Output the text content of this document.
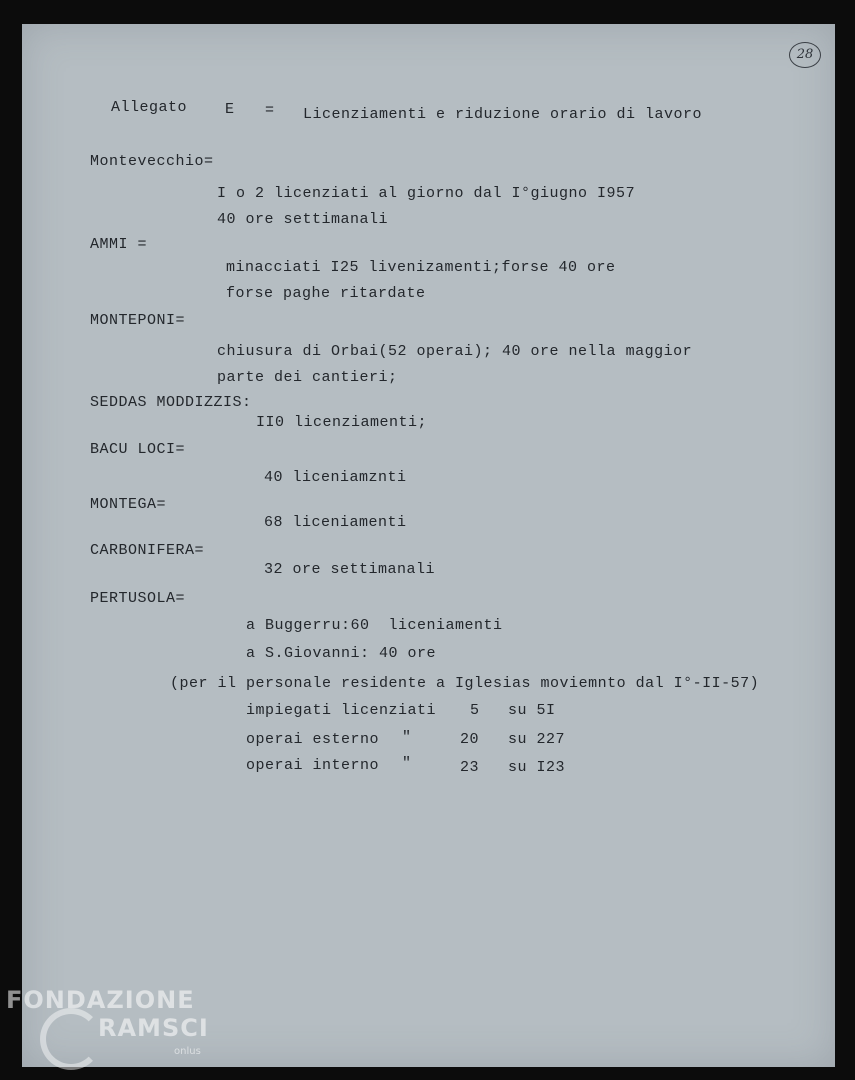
28
Allegato	E = Licenziamenti e riduzione orario di lavoro
Montevecchio=
I o 2 licenziati al giorno dal I°giugno I957
40 ore settimanali
AMMI =
minacciati I25 livenizamenti;forse 40 ore
forse paghe ritardate
MONTEPONI=
chiusura di Orbai(52 operai); 40 ore nella maggior
parte dei cantieri;
SEDDAS MODDIZZIS:
II0 licenziamenti;
BACU LOCI=
40 liceniamznti
MONTEGA=
68 liceniamenti
CARBONIFERA=
32 ore settimanali
PERTUSOLA=
a Buggerru:60  liceniamenti
a S.Giovanni: 40 ore
(per il personale residente a Iglesias moviemnto dal I°-II-57)
impiegati licenziati 5 su 5I
operai esterno "	20 su 227
operai interno "	23 su I23
FONDAZIONE
RAMSCI
onlus
